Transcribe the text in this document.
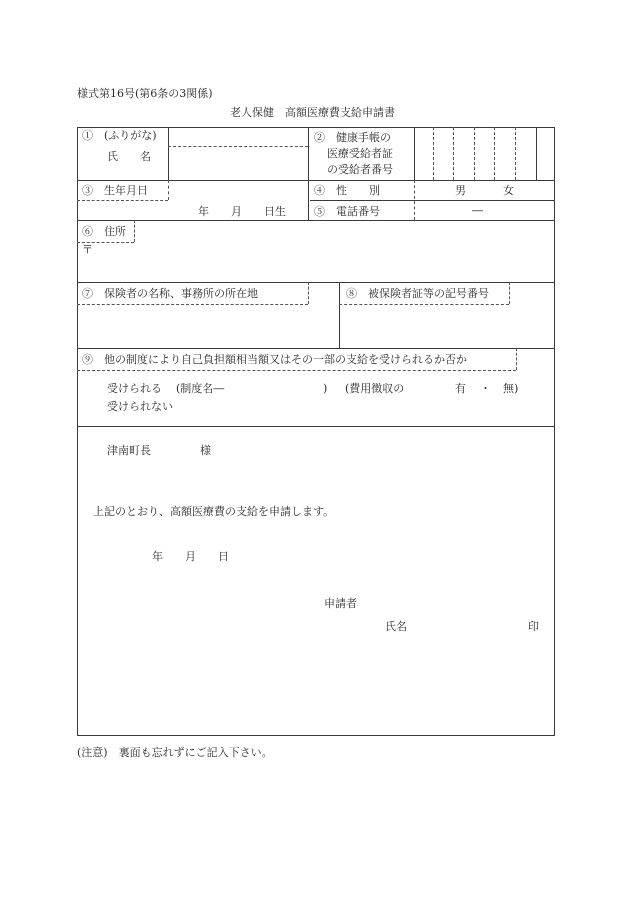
様式第16号(第6条の3関係)
老人保健　高額医療費支給申請書
①　(ふりがな)
氏　　名
②　健康手帳の
医療受給者証
の受給者番号
③　生年月日
年　　月　　日生
④　性　　別	男	女
⑤　電話番号	―
⑥　住所
〒
⑦　保険者の名称、事務所の所在地	⑧　被保険者証等の記号番号
⑨　他の制度により自己負担額相当額又はその一部の支給を受けられるか否か
受けられる (制度名―	) (費用徴収の	有 ・ 無)
受けられない
津南町長	様
上記のとおり、高額医療費の支給を申請します。
年　　月　　日
申請者
氏名	印
(注意)　裏面も忘れずにご記入下さい。
